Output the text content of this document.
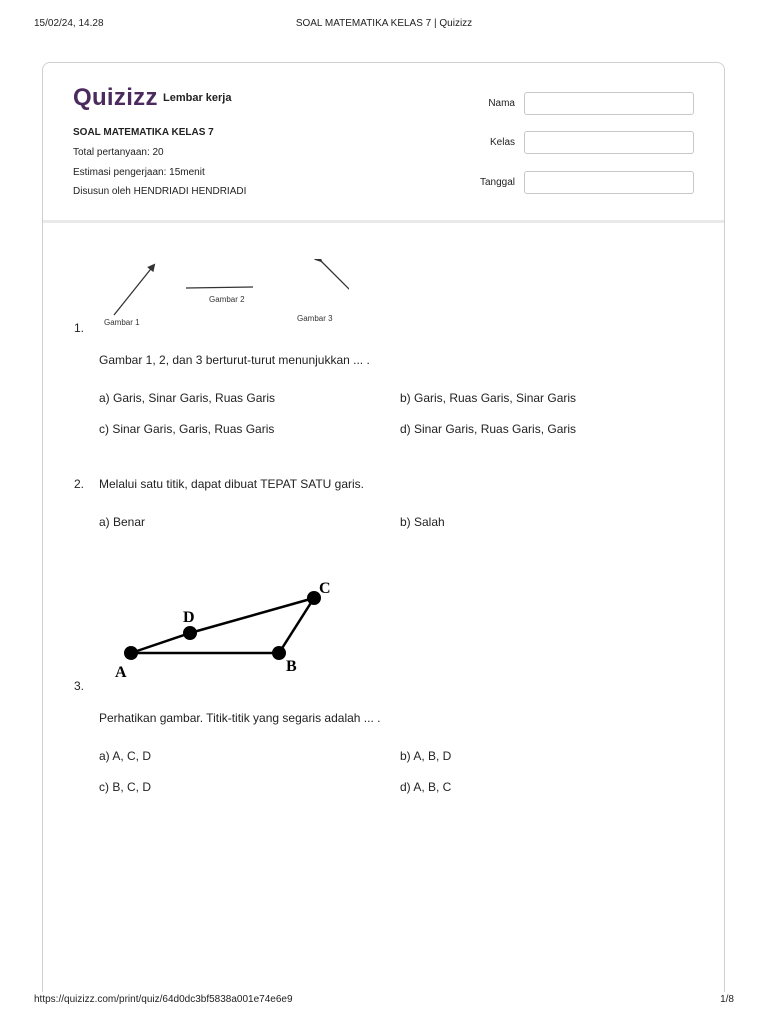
15/02/24, 14.28	SOAL MATEMATIKA KELAS 7 | Quizizz
Quizizz Lembar kerja
SOAL MATEMATIKA KELAS 7
Total pertanyaan: 20
Estimasi pengerjaan: 15menit
Disusun oleh HENDRIADI HENDRIADI
Nama
Kelas
Tanggal
Gambar 1
Gambar 2
Gambar 3
1.
Gambar 1, 2, dan 3 berturut-turut menunjukkan ... .
a) Garis, Sinar Garis, Ruas Garis	b) Garis, Ruas Garis, Sinar Garis
c) Sinar Garis, Garis, Ruas Garis	d) Sinar Garis, Ruas Garis, Garis
2. Melalui satu titik, dapat dibuat TEPAT SATU garis.
a) Benar	b) Salah
A	B
C
D
3.
Perhatikan gambar. Titik-titik yang segaris adalah ... .
a) A, C, D	b) A, B, D
c) B, C, D	d) A, B, C
https://quizizz.com/print/quiz/64d0dc3bf5838a001e74e6e9	1/8
